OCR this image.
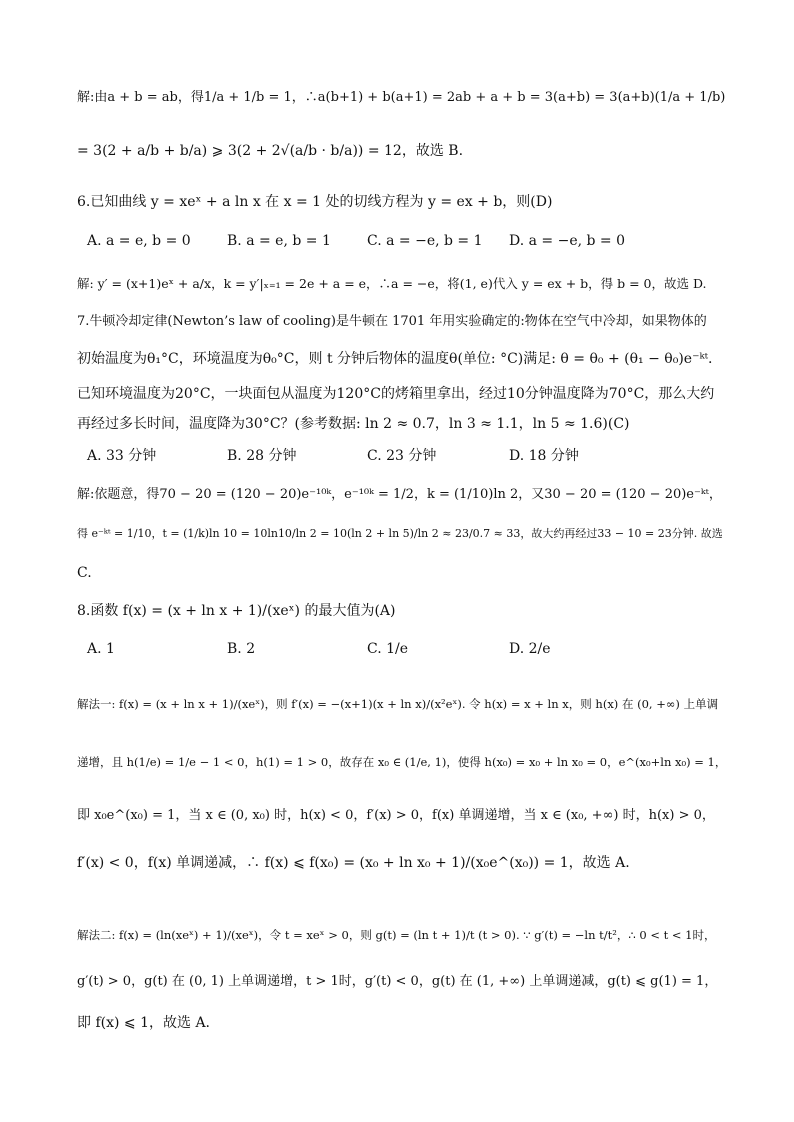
解:由a + b = ab，得1/a + 1/b = 1，∴a(b+1) + b(a+1) = 2ab + a + b = 3(a+b) = 3(a+b)(1/a + 1/b)
= 3(2 + a/b + b/a) ⩾ 3(2 + 2√(a/b · b/a)) = 12，故选 B.
6.已知曲线 y = xeˣ + a ln x 在 x = 1 处的切线方程为 y = ex + b，则(D)
A. a = e, b = 0	B. a = e, b = 1	C. a = −e, b = 1 D. a = −e, b = 0
解: y′ = (x+1)eˣ + a/x，k = y′|ₓ₌₁ = 2e + a = e，∴a = −e，将(1, e)代入 y = ex + b，得 b = 0，故选 D.
7.牛顿冷却定律(Newton’s law of cooling)是牛顿在 1701 年用实验确定的:物体在空气中冷却，如果物体的
初始温度为θ₁°C，环境温度为θ₀°C，则 t 分钟后物体的温度θ(单位: °C)满足: θ = θ₀ + (θ₁ − θ₀)e⁻ᵏᵗ.
已知环境温度为20°C，一块面包从温度为120°C的烤箱里拿出，经过10分钟温度降为70°C，那么大约
再经过多长时间，温度降为30°C？(参考数据: ln 2 ≈ 0.7，ln 3 ≈ 1.1，ln 5 ≈ 1.6)(C)
A. 33 分钟	B. 28 分钟	C. 23 分钟	D. 18 分钟
解:依题意，得70 − 20 = (120 − 20)e⁻¹⁰ᵏ，e⁻¹⁰ᵏ = 1/2，k = (1/10)ln 2，又30 − 20 = (120 − 20)e⁻ᵏᵗ，
得 e⁻ᵏᵗ = 1/10，t = (1/k)ln 10 = 10ln10/ln 2 = 10(ln 2 + ln 5)/ln 2 ≈ 23/0.7 ≈ 33，故大约再经过33 − 10 = 23分钟. 故选
C.
8.函数 f(x) = (x + ln x + 1)/(xeˣ) 的最大值为(A)
A. 1	B. 2	C. 1/e	D. 2/e
解法一: f(x) = (x + ln x + 1)/(xeˣ)，则 f′(x) = −(x+1)(x + ln x)/(x²eˣ). 令 h(x) = x + ln x，则 h(x) 在 (0, +∞) 上单调
递增，且 h(1/e) = 1/e − 1 < 0，h(1) = 1 > 0，故存在 x₀ ∈ (1/e, 1)，使得 h(x₀) = x₀ + ln x₀ = 0，e^(x₀+ln x₀) = 1，
即 x₀e^(x₀) = 1，当 x ∈ (0, x₀) 时，h(x) < 0，f′(x) > 0，f(x) 单调递增，当 x ∈ (x₀, +∞) 时，h(x) > 0，
f′(x) < 0，f(x) 单调递减，∴ f(x) ⩽ f(x₀) = (x₀ + ln x₀ + 1)/(x₀e^(x₀)) = 1，故选 A.
解法二: f(x) = (ln(xeˣ) + 1)/(xeˣ)，令 t = xeˣ > 0，则 g(t) = (ln t + 1)/t (t > 0). ∵ g′(t) = −ln t/t²，∴ 0 < t < 1时，
g′(t) > 0，g(t) 在 (0, 1) 上单调递增，t > 1时，g′(t) < 0，g(t) 在 (1, +∞) 上单调递减，g(t) ⩽ g(1) = 1，
即 f(x) ⩽ 1，故选 A.
